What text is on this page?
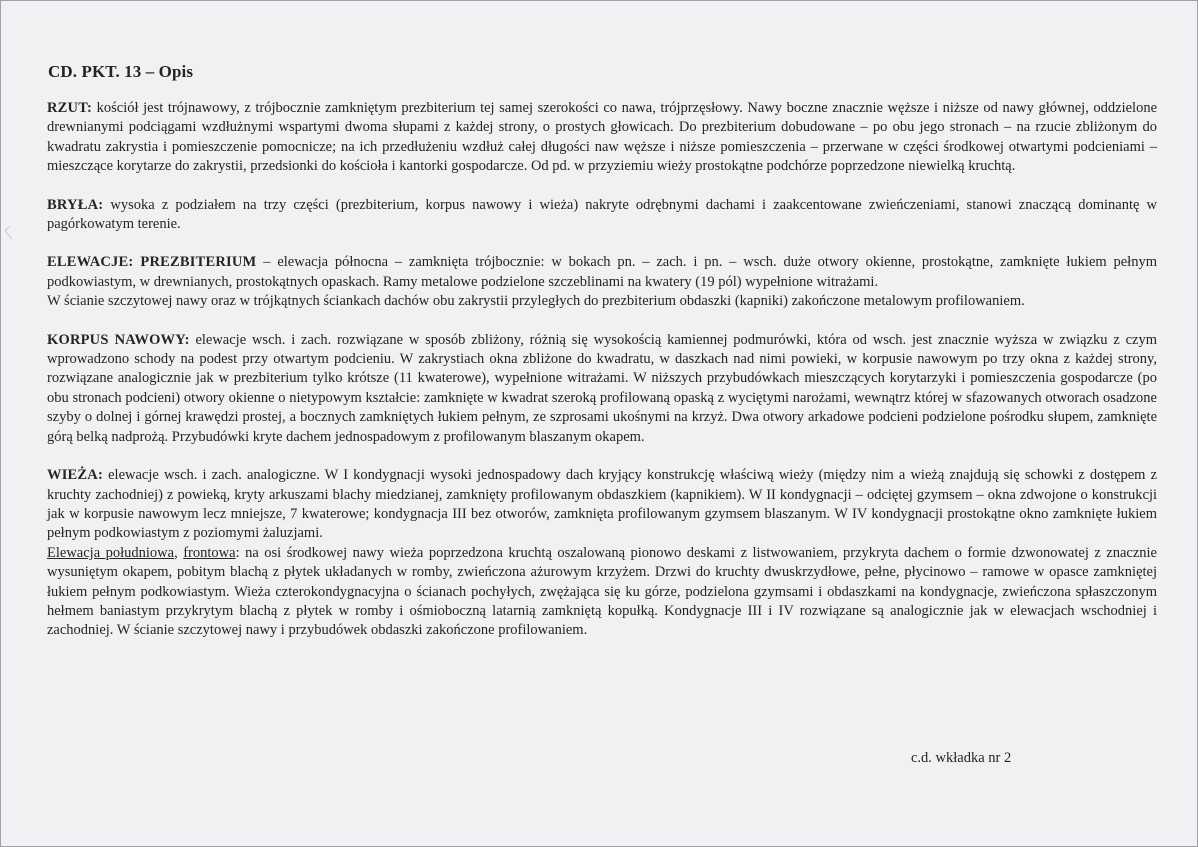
CD. PKT. 13 – Opis

RZUT: kościół jest trójnawowy, z trójbocznie zamkniętym prezbiterium tej samej szerokości co nawa, trójprzęsłowy. Nawy boczne znacznie węższe i niższe od nawy głównej, oddzielone drewnianymi podciągami wzdłużnymi wspartymi dwoma słupami z każdej strony, o prostych głowicach. Do prezbiterium dobudowane – po obu jego stronach – na rzucie zbliżonym do kwadratu zakrystia i pomieszczenie pomocnicze; na ich przedłużeniu wzdłuż całej długości naw węższe i niższe pomieszczenia – przerwane w części środkowej otwartymi podcieniami – mieszczące korytarze do zakrystii, przedsionki do kościoła i kantorki gospodarcze. Od pd. w przyziemiu wieży prostokątne podchórze poprzedzone niewielką kruchtą.

BRYŁA: wysoka z podziałem na trzy części (prezbiterium, korpus nawowy i wieża) nakryte odrębnymi dachami i zaakcentowane zwieńczeniami, stanowi znaczącą dominantę w pagórkowatym terenie.

ELEWACJE: PREZBITERIUM – elewacja północna – zamknięta trójbocznie: w bokach pn. – zach. i pn. – wsch. duże otwory okienne, prostokątne, zamknięte łukiem pełnym podkowiastym, w drewnianych, prostokątnych opaskach. Ramy metalowe podzielone szczeblinami na kwatery (19 pól) wypełnione witrażami.

W ścianie szczytowej nawy oraz w trójkątnych ściankach dachów obu zakrystii przyległych do prezbiterium obdaszki (kapniki) zakończone metalowym profilowaniem.

KORPUS NAWOWY: elewacje wsch. i zach. rozwiązane w sposób zbliżony, różnią się wysokością kamiennej podmurówki, która od wsch. jest znacznie wyższa w związku z czym wprowadzono schody na podest przy otwartym podcieniu. W zakrystiach okna zbliżone do kwadratu, w daszkach nad nimi powieki, w korpusie nawowym po trzy okna z każdej strony, rozwiązane analogicznie jak w prezbiterium tylko krótsze (11 kwaterowe), wypełnione witrażami. W niższych przybudówkach mieszczących korytarzyki i pomieszczenia gospodarcze (po obu stronach podcieni) otwory okienne o nietypowym kształcie: zamknięte w kwadrat szeroką profilowaną opaską z wyciętymi narożami, wewnątrz której w sfazowanych otworach osadzone szyby o dolnej i górnej krawędzi prostej, a bocznych zamkniętych łukiem pełnym, ze szprosami ukośnymi na krzyż. Dwa otwory arkadowe podcieni podzielone pośrodku słupem, zamknięte górą belką nadprożą. Przybudówki kryte dachem jednospadowym z profilowanym blaszanym okapem.

WIEŻA: elewacje wsch. i zach. analogiczne. W I kondygnacji wysoki jednospadowy dach kryjący konstrukcję właściwą wieży (między nim a wieżą znajdują się schowki z dostępem z kruchty zachodniej) z powieką, kryty arkuszami blachy miedzianej, zamknięty profilowanym obdaszkiem (kapnikiem). W II kondygnacji – odciętej gzymsem – okna zdwojone o konstrukcji jak w korpusie nawowym lecz mniejsze, 7 kwaterowe; kondygnacja III bez otworów, zamknięta profilowanym gzymsem blaszanym. W IV kondygnacji prostokątne okno zamknięte łukiem pełnym podkowiastym z poziomymi żaluzjami.

Elewacja południowa, frontowa: na osi środkowej nawy wieża poprzedzona kruchtą oszalowaną pionowo deskami z listwowaniem, przykryta dachem o formie dzwonowatej z znacznie wysuniętym okapem, pobitym blachą z płytek układanych w romby, zwieńczona ażurowym krzyżem. Drzwi do kruchty dwuskrzydłowe, pełne, płycinowo – ramowe w opasce zamkniętej łukiem pełnym podkowiastym. Wieża czterokondygnacyjna o ścianach pochyłych, zwężająca się ku górze, podzielona gzymsami i obdaszkami na kondygnacje, zwieńczona spłaszczonym hełmem baniastym przykrytym blachą z płytek w romby i ośmioboczną latarnią zamkniętą kopułką. Kondygnacje III i IV rozwiązane są analogicznie jak w elewacjach wschodniej i zachodniej. W ścianie szczytowej nawy i przybudówek obdaszki zakończone profilowaniem.

c.d. wkładka nr 2
